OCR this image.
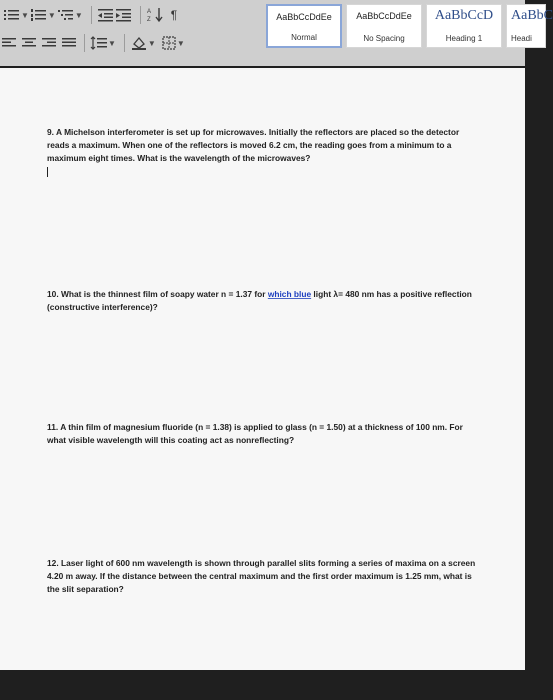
▼ ▼ ▼	A
Z ¶
▼	▼	▼
AaBbCcDdEe
Normal
AaBbCcDdEe
No Spacing
AaBbCcD
Heading 1
AaBbC
Headi
9. A Michelson interferometer is set up for microwaves. Initially the reflectors are placed so the detector reads a maximum. When one of the reflectors is moved 6.2 cm, the reading goes from a minimum to a maximum eight times. What is the wavelength of the microwaves?
10. What is the thinnest film of soapy water n = 1.37 for which blue light λ= 480 nm has a positive reflection (constructive interference)?
11. A thin film of magnesium fluoride (n = 1.38) is applied to glass (n = 1.50) at a thickness of 100 nm. For what visible wavelength will this coating act as nonreflecting?
12. Laser light of 600 nm wavelength is shown through parallel slits forming a series of maxima on a screen 4.20 m away. If the distance between the central maximum and the first order maximum is 1.25 mm, what is the slit separation?
